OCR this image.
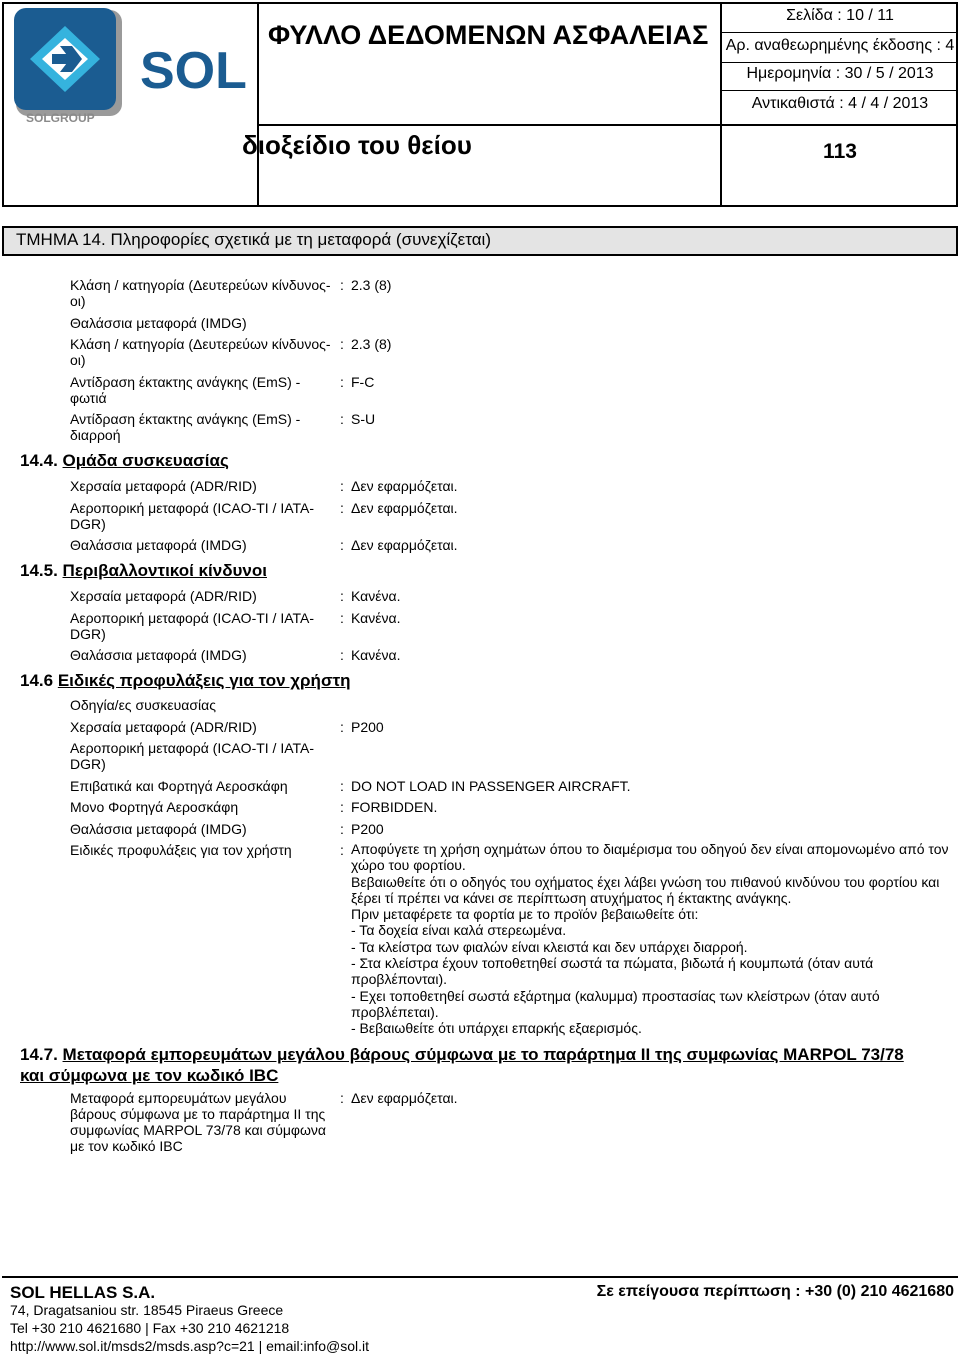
SOL
SOLGROUP
ΦΥΛΛΟ ΔΕΔΟΜΕΝΩΝ ΑΣΦΑΛΕΙΑΣ
διοξείδιο του θείου
Σελίδα : 10 / 11
Αρ. αναθεωρημένης έκδοσης : 4
Ημερομηνία : 30 / 5 / 2013
Αντικαθιστά : 4 / 4 / 2013
113
ΤΜΗΜΑ 14. Πληροφορίες σχετικά με τη μεταφορά (συνεχίζεται)
Κλάση / κατηγορία (Δευτερεύων κίνδυνος-οι)
: 2.3 (8)
Θαλάσσια μεταφορά (IMDG)
Κλάση / κατηγορία (Δευτερεύων κίνδυνος-οι)
: 2.3 (8)
Αντίδραση έκτακτης ανάγκης (EmS) - φωτιά
: F-C
Αντίδραση έκτακτης ανάγκης (EmS) - διαρροή
: S-U
14.4. Ομάδα συσκευασίας
Χερσαία μεταφορά (ADR/RID)	: Δεν εφαρμόζεται.
Αεροπορική μεταφορά (ICAO-TI / IATA-DGR)
: Δεν εφαρμόζεται.
Θαλάσσια μεταφορά (IMDG)	: Δεν εφαρμόζεται.
14.5. Περιβαλλοντικοί κίνδυνοι
Χερσαία μεταφορά (ADR/RID)	: Κανένα.
Αεροπορική μεταφορά (ICAO-TI / IATA-DGR)
: Κανένα.
Θαλάσσια μεταφορά (IMDG)	: Κανένα.
14.6 Ειδικές προφυλάξεις για τον χρήστη
Οδηγία/ες συσκευασίας
Χερσαία μεταφορά (ADR/RID)	: P200
Αεροπορική μεταφορά (ICAO-TI / IATA-DGR)
Επιβατικά και Φορτηγά Αεροσκάφη	: DO NOT LOAD IN PASSENGER AIRCRAFT.
Μονο Φορτηγά Αεροσκάφη	: FORBIDDEN.
Θαλάσσια μεταφορά (IMDG)	: P200
Ειδικές προφυλάξεις για τον χρήστη	: Αποφύγετε τη χρήση οχημάτων όπου το διαμέρισμα του οδηγού δεν είναι απομονωμένο από τον χώρο του φορτίου.

Βεβαιωθείτε ότι ο οδηγός του οχήματος έχει λάβει γνώση του πιθανού κινδύνου του φορτίου και ξέρει τί πρέπει να κάνει σε περίπτωση ατυχήματος ή έκτακτης ανάγκης.

Πριν μεταφέρετε τα φορτία με το προϊόν βεβαιωθείτε ότι:

- Τα δοχεία είναι καλά στερεωμένα.

- Τα κλείστρα των φιαλών είναι κλειστά και δεν υπάρχει διαρροή.

- Στα κλείστρα έχουν τοποθετηθεί σωστά τα πώματα, βιδωτά ή κουμπωτά (όταν αυτά προβλέπονται).

- Εχει τοποθετηθεί σωστά εξάρτημα (καλυμμα) προστασίας των κλείστρων (όταν αυτό προβλέπεται).

- Βεβαιωθείτε ότι υπάρχει επαρκής εξαερισμός.

14.7. Μεταφορά εμπορευμάτων μεγάλου βάρους σύμφωνα με το παράρτημα II της συμφωνίας MARPOL 73/78
και σύμφωνα με τον κωδικό IBC
Μεταφορά εμπορευμάτων μεγάλου βάρους σύμφωνα με το παράρτημα II της συμφωνίας MARPOL 73/78 και σύμφωνα με τον κωδικό IBC
: Δεν εφαρμόζεται.
SOL HELLAS S.A.	Σε επείγουσα περίπτωση : +30 (0) 210 4621680
74, Dragatsaniou str. 18545 Piraeus Greece
Tel +30 210 4621680 | Fax +30 210 4621218
http://www.sol.it/msds2/msds.asp?c=21 | email:info@sol.it
